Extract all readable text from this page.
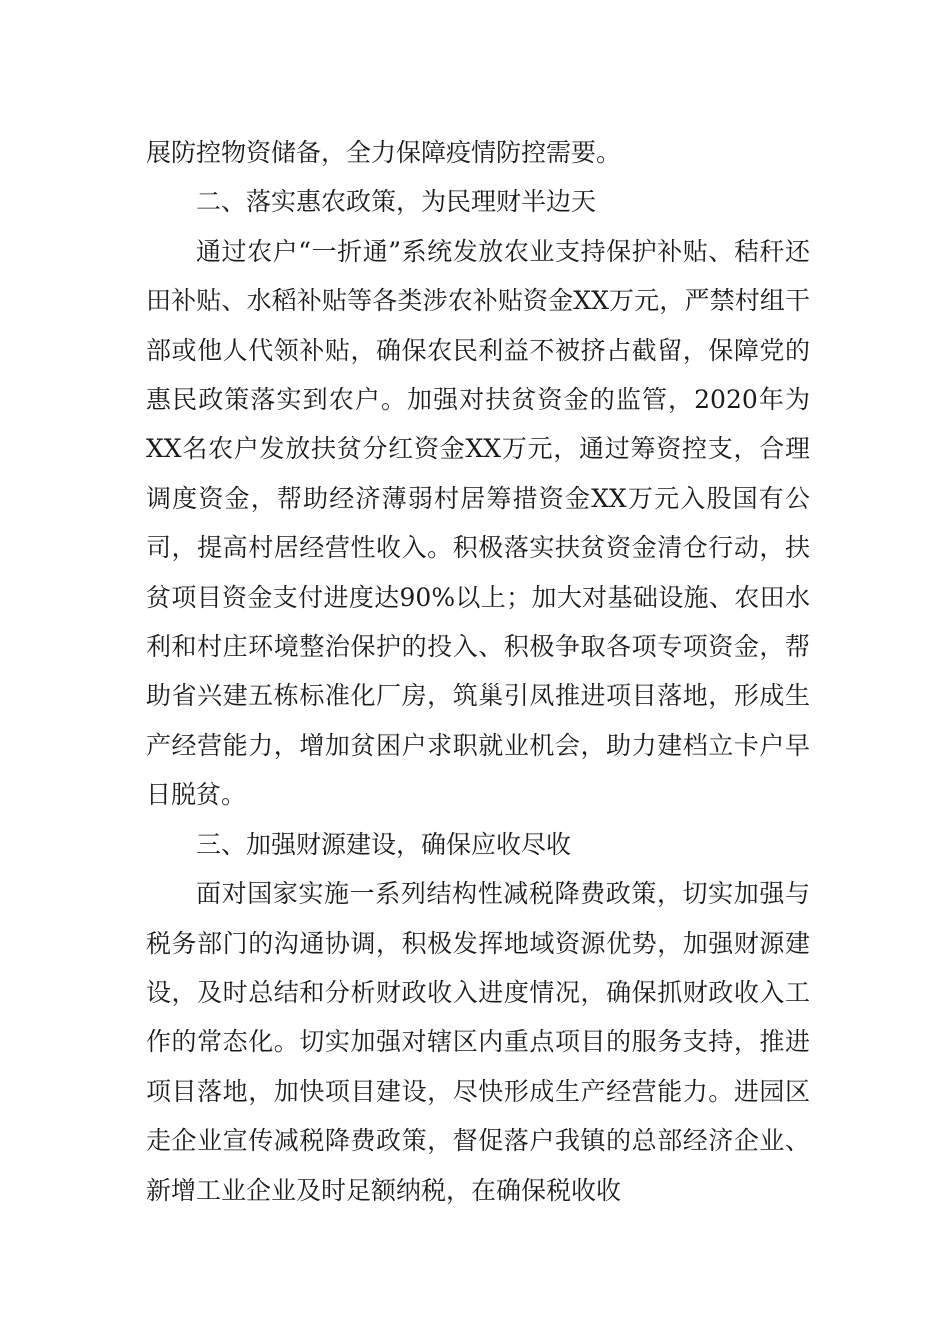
展防控物资储备，全力保障疫情防控需要。

二、落实惠农政策，为民理财半边天

通过农户“一折通”系统发放农业支持保护补贴、秸秆还田补贴、水稻补贴等各类涉农补贴资金XX万元，严禁村组干部或他人代领补贴，确保农民利益不被挤占截留，保障党的惠民政策落实到农户。加强对扶贫资金的监管，2020年为XX名农户发放扶贫分红资金XX万元，通过筹资控支，合理调度资金，帮助经济薄弱村居筹措资金XX万元入股国有公司，提高村居经营性收入。积极落实扶贫资金清仓行动，扶贫项目资金支付进度达90%以上；加大对基础设施、农田水利和村庄环境整治保护的投入、积极争取各项专项资金，帮助省兴建五栋标准化厂房，筑巢引凤推进项目落地，形成生产经营能力，增加贫困户求职就业机会，助力建档立卡户早日脱贫。

三、加强财源建设，确保应收尽收

面对国家实施一系列结构性减税降费政策，切实加强与税务部门的沟通协调，积极发挥地域资源优势，加强财源建设，及时总结和分析财政收入进度情况，确保抓财政收入工作的常态化。切实加强对辖区内重点项目的服务支持，推进项目落地，加快项目建设，尽快形成生产经营能力。进园区走企业宣传减税降费政策，督促落户我镇的总部经济企业、新增工业企业及时足额纳税，在确保税收收
